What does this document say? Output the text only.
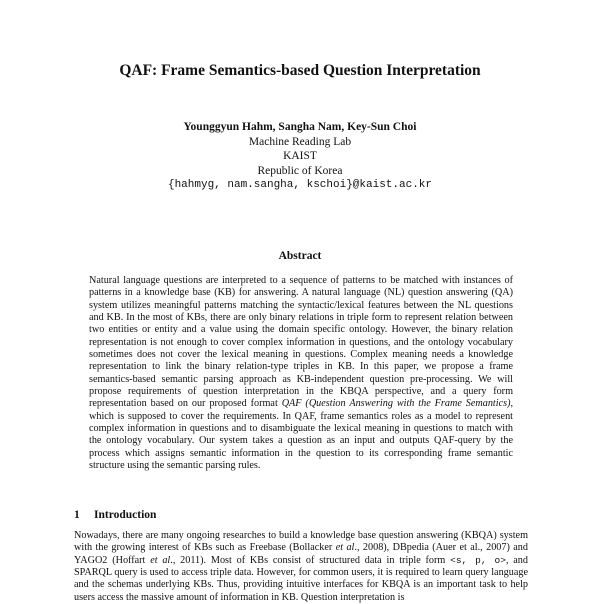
QAF: Frame Semantics-based Question Interpretation
Younggyun Hahm, Sangha Nam, Key-Sun Choi
Machine Reading Lab
KAIST
Republic of Korea
{hahmyg, nam.sangha, kschoi}@kaist.ac.kr
Abstract
Natural language questions are interpreted to a sequence of patterns to be matched with instances of patterns in a knowledge base (KB) for answering. A natural language (NL) question answering (QA) system utilizes meaningful patterns matching the syntactic/lexical features between the NL questions and KB. In the most of KBs, there are only binary relations in triple form to represent relation between two entities or entity and a value using the domain specific ontology. However, the binary relation representation is not enough to cover complex information in questions, and the ontology vocabulary sometimes does not cover the lexical meaning in questions. Complex meaning needs a knowledge representation to link the binary relation-type triples in KB. In this paper, we propose a frame semantics-based semantic parsing approach as KB-independent question pre-processing. We will propose requirements of question interpretation in the KBQA perspective, and a query form representation based on our proposed format QAF (Question Answering with the Frame Semantics), which is supposed to cover the requirements. In QAF, frame semantics roles as a model to represent complex information in questions and to disambiguate the lexical meaning in questions to match with the ontology vocabulary. Our system takes a question as an input and outputs QAF-query by the process which assigns semantic information in the question to its corresponding frame semantic structure using the semantic parsing rules.
1 Introduction
Nowadays, there are many ongoing researches to build a knowledge base question answering (KBQA) system with the growing interest of KBs such as Freebase (Bollacker et al., 2008), DBpedia (Auer et al., 2007) and YAGO2 (Hoffart et al., 2011). Most of KBs consist of structured data in triple form <s, p, o>, and SPARQL query is used to access triple data. However, for common users, it is required to learn query language and the schemas underlying KBs. Thus, providing intuitive interfaces for KBQA is an important task to help users access the massive amount of information in KB. Question interpretation is
